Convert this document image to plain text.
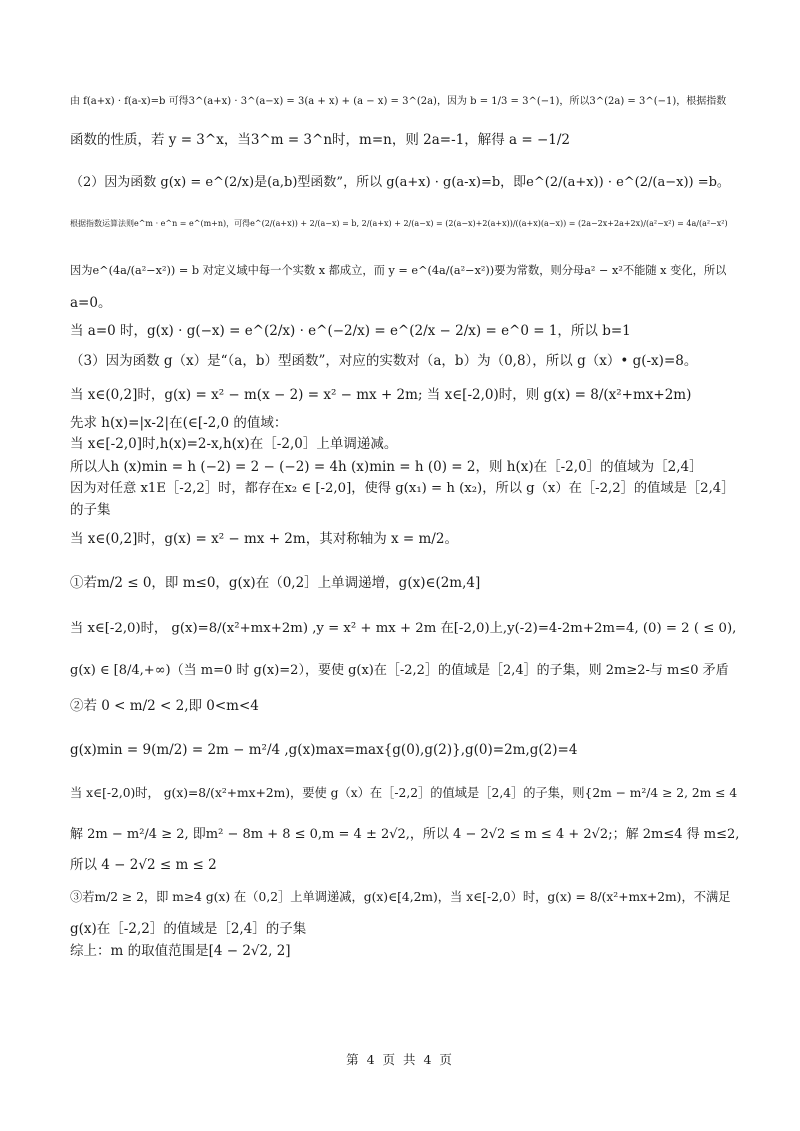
由 f(a+x) · f(a-x)=b 可得3^(a+x) · 3^(a−x) = 3(a + x) + (a − x) = 3^(2a)，因为 b = 1/3 = 3^(−1)，所以3^(2a) = 3^(−1)，根据指数
函数的性质，若 y = 3^x，当3^m = 3^n时，m=n，则 2a=-1，解得 a = −1/2
（2）因为函数 g(x) = e^(2/x)是(a,b)型函数”，所以 g(a+x) · g(a-x)=b，即e^(2/(a+x)) · e^(2/(a−x)) =b。
根据指数运算法则e^m · e^n = e^(m+n)，可得e^(2/(a+x)) + 2/(a−x) = b, 2/(a+x) + 2/(a−x) = (2(a−x)+2(a+x))/((a+x)(a−x)) = (2a−2x+2a+2x)/(a²−x²) = 4a/(a²−x²)
因为e^(4a/(a²−x²)) = b 对定义域中每一个实数 x 都成立，而 y = e^(4a/(a²−x²))要为常数，则分母a² − x²不能随 x 变化，所以
a=0。
当 a=0 时，g(x) · g(−x) = e^(2/x) · e^(−2/x) = e^(2/x − 2/x) = e^0 = 1，所以 b=1
（3）因为函数 g（x）是“（a，b）型函数”，对应的实数对（a，b）为（0,8），所以 g（x）• g(-x)=8。
当 x∈(0,2]时，g(x) = x² − m(x − 2) = x² − mx + 2m; 当 x∈[-2,0)时，则 g(x) = 8/(x²+mx+2m)
先求 h(x)=|x-2|在(∈[-2,0 的值域：
当 x∈[-2,0]时,h(x)=2-x,h(x)在［-2,0］上单调递减。
所以人h (x)min = h (−2) = 2 − (−2) = 4h (x)min = h (0) = 2，则 h(x)在［-2,0］的值域为［2,4］
因为对任意 x1E［-2,2］时，都存在x₂ ∈ [-2,0]，使得 g(x₁) = h (x₂)，所以 g（x）在［-2,2］的值域是［2,4］
的子集
当 x∈(0,2]时，g(x) = x² − mx + 2m，其对称轴为 x = m/2。
①若m/2 ≤ 0，即 m≤0，g(x)在（0,2］上单调递增，g(x)∈(2m,4]
当 x∈[-2,0)时， g(x)=8/(x²+mx+2m) ,y = x² + mx + 2m 在[-2,0)上,y(-2)=4-2m+2m=4, (0) = 2 ( ≤ 0),
g(x) ∈ [8/4,+∞)（当 m=0 时 g(x)=2），要使 g(x)在［-2,2］的值域是［2,4］的子集，则 2m≥2-与 m≤0 矛盾
②若 0 < m/2 < 2,即 0<m<4
g(x)min = 9(m/2) = 2m − m²/4 ,g(x)max=max{g(0),g(2)},g(0)=2m,g(2)=4
当 x∈[-2,0)时， g(x)=8/(x²+mx+2m)，要使 g（x）在［-2,2］的值域是［2,4］的子集，则{2m − m²/4 ≥ 2, 2m ≤ 4
解 2m − m²/4 ≥ 2, 即m² − 8m + 8 ≤ 0,m = 4 ± 2√2,，所以 4 − 2√2 ≤ m ≤ 4 + 2√2;；解 2m≤4 得 m≤2,
所以 4 − 2√2 ≤ m ≤ 2
③若m/2 ≥ 2，即 m≥4 g(x) 在（0,2］上单调递减，g(x)∈[4,2m)，当 x∈[-2,0）时，g(x) = 8/(x²+mx+2m)，不满足
g(x)在［-2,2］的值域是［2,4］的子集
综上：m 的取值范围是[4 − 2√2, 2]
第 4 页 共 4 页
